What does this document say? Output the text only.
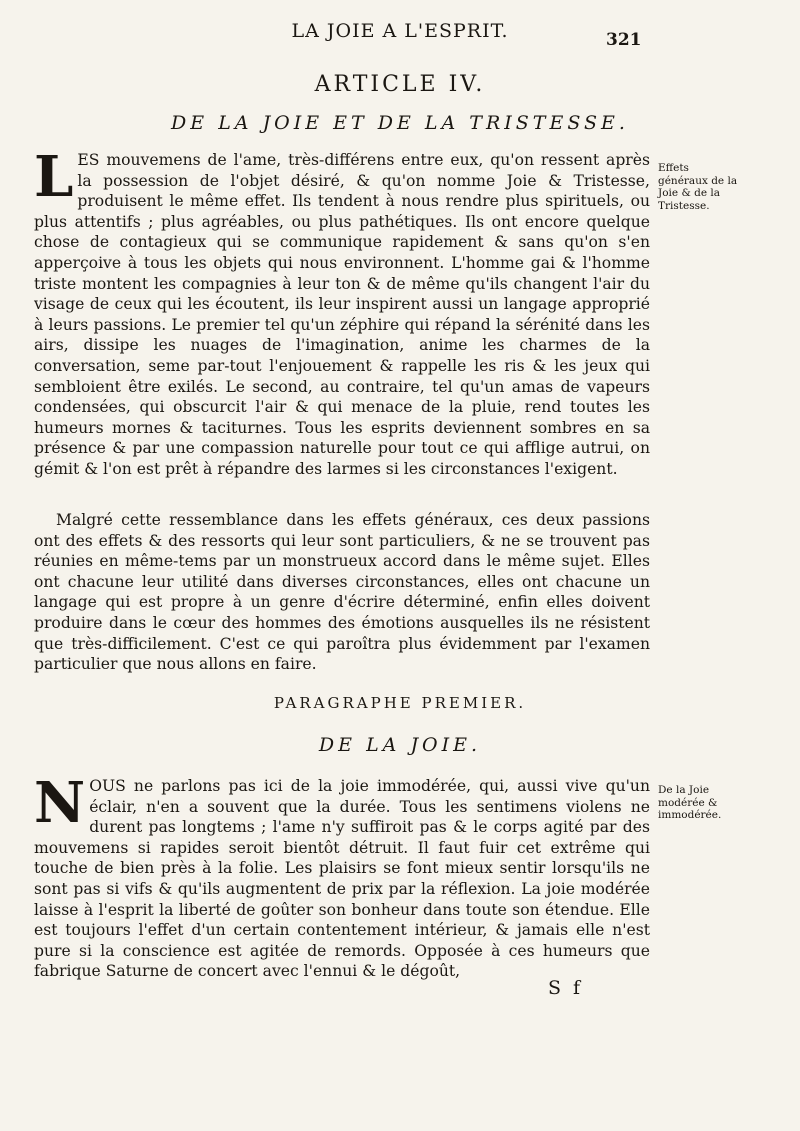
LA JOIE A L'ESPRIT.	321
ARTICLE IV.
DE LA JOIE ET DE LA TRISTESSE.

LES mouvemens de l'ame, très-différens entre eux, qu'on ressent après la possession de l'objet désiré, & qu'on nomme Joie & Tristesse, produisent le même effet. Ils tendent à nous rendre plus spirituels, ou plus attentifs ; plus agréables, ou plus pathétiques. Ils ont encore quelque chose de contagieux qui se communique rapidement & sans qu'on s'en apperçoive à tous les objets qui nous environnent. L'homme gai & l'homme triste montent les compagnies à leur ton & de même qu'ils changent l'air du visage de ceux qui les écoutent, ils leur inspirent aussi un langage approprié à leurs passions. Le premier tel qu'un zéphire qui répand la sérénité dans les airs, dissipe les nuages de l'imagination, anime les charmes de la conversation, seme par-tout l'enjouement & rappelle les ris & les jeux qui sembloient être exilés. Le second, au contraire, tel qu'un amas de vapeurs condensées, qui obscurcit l'air & qui menace de la pluie, rend toutes les humeurs mornes & taciturnes. Tous les esprits deviennent sombres en sa présence & par une compassion naturelle pour tout ce qui afflige autrui, on gémit & l'on est prêt à répandre des larmes si les circonstances l'exigent.

Malgré cette ressemblance dans les effets généraux, ces deux passions ont des effets & des ressorts qui leur sont particuliers, & ne se trouvent pas réunies en même-tems par un monstrueux accord dans le même sujet. Elles ont chacune leur utilité dans diverses circonstances, elles ont chacune un langage qui est propre à un genre d'écrire déterminé, enfin elles doivent produire dans le cœur des hommes des émotions ausquelles ils ne résistent que très-difficilement. C'est ce qui paroîtra plus évidemment par l'examen particulier que nous allons en faire.

PARAGRAPHE PREMIER.
DE LA JOIE.

NOUS ne parlons pas ici de la joie immodérée, qui, aussi vive qu'un éclair, n'en a souvent que la durée. Tous les sentimens violens ne durent pas longtems ; l'ame n'y suffiroit pas & le corps agité par des mouvemens si rapides seroit bientôt détruit. Il faut fuir cet extrême qui touche de bien près à la folie. Les plaisirs se font mieux sentir lorsqu'ils ne sont pas si vifs & qu'ils augmentent de prix par la réflexion. La joie modérée laisse à l'esprit la liberté de goûter son bonheur dans toute son étendue. Elle est toujours l'effet d'un certain contentement intérieur, & jamais elle n'est pure si la conscience est agitée de remords. Opposée à ces humeurs que fabrique Saturne de concert avec l'ennui & le dégoût,

Effets généraux de la Joie & de la Tristesse.
De la Joie modérée & immodérée.
S f
